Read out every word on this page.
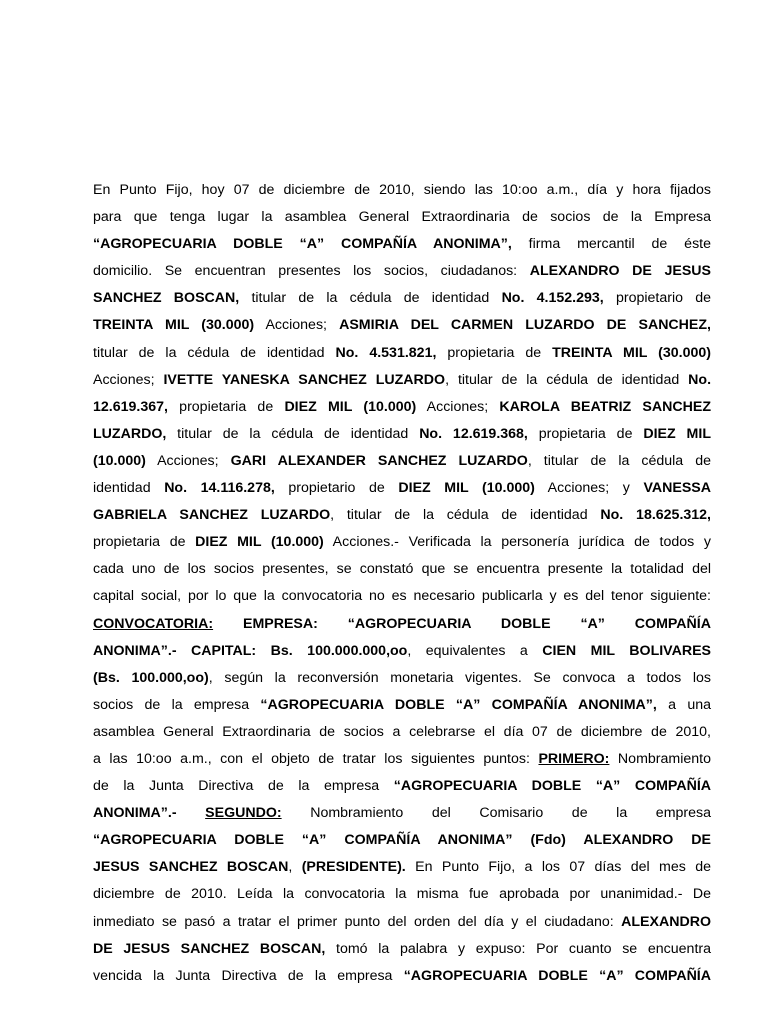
En Punto Fijo, hoy 07 de diciembre de 2010, siendo las 10:oo a.m., día y hora fijados
para que tenga lugar la asamblea General Extraordinaria de socios de la Empresa
“AGROPECUARIA DOBLE “A” COMPAÑÍA ANONIMA”, firma mercantil de éste
domicilio. Se encuentran presentes los socios, ciudadanos: ALEXANDRO DE JESUS
SANCHEZ BOSCAN, titular de la cédula de identidad No. 4.152.293, propietario de
TREINTA MIL (30.000) Acciones; ASMIRIA DEL CARMEN LUZARDO DE SANCHEZ,
titular de la cédula de identidad No. 4.531.821, propietaria de TREINTA MIL (30.000)
Acciones; IVETTE YANESKA SANCHEZ LUZARDO, titular de la cédula de identidad No.
12.619.367, propietaria de DIEZ MIL (10.000) Acciones; KAROLA BEATRIZ SANCHEZ
LUZARDO, titular de la cédula de identidad No. 12.619.368, propietaria de DIEZ MIL
(10.000) Acciones; GARI ALEXANDER SANCHEZ LUZARDO, titular de la cédula de
identidad No. 14.116.278, propietario de DIEZ MIL (10.000) Acciones; y VANESSA
GABRIELA SANCHEZ LUZARDO, titular de la cédula de identidad No. 18.625.312,
propietaria de DIEZ MIL (10.000) Acciones.- Verificada la personería jurídica de todos y
cada uno de los socios presentes, se constató que se encuentra presente la totalidad del
capital social, por lo que la convocatoria no es necesario publicarla y es del tenor siguiente:
CONVOCATORIA: EMPRESA: “AGROPECUARIA DOBLE “A” COMPAÑÍA
ANONIMA”.- CAPITAL: Bs. 100.000.000,oo, equivalentes a CIEN MIL BOLIVARES
(Bs. 100.000,oo), según la reconversión monetaria vigentes. Se convoca a todos los
socios de la empresa “AGROPECUARIA DOBLE “A” COMPAÑÍA ANONIMA”, a una
asamblea General Extraordinaria de socios a celebrarse el día 07 de diciembre de 2010,
a las 10:oo a.m., con el objeto de tratar los siguientes puntos: PRIMERO: Nombramiento
de la Junta Directiva de la empresa “AGROPECUARIA DOBLE “A” COMPAÑÍA
ANONIMA”.- SEGUNDO: Nombramiento del Comisario de la empresa
“AGROPECUARIA DOBLE “A” COMPAÑÍA ANONIMA” (Fdo) ALEXANDRO DE
JESUS SANCHEZ BOSCAN, (PRESIDENTE). En Punto Fijo, a los 07 días del mes de
diciembre de 2010. Leída la convocatoria la misma fue aprobada por unanimidad.- De
inmediato se pasó a tratar el primer punto del orden del día y el ciudadano: ALEXANDRO
DE JESUS SANCHEZ BOSCAN, tomó la palabra y expuso: Por cuanto se encuentra
vencida la Junta Directiva de la empresa “AGROPECUARIA DOBLE “A” COMPAÑÍA
